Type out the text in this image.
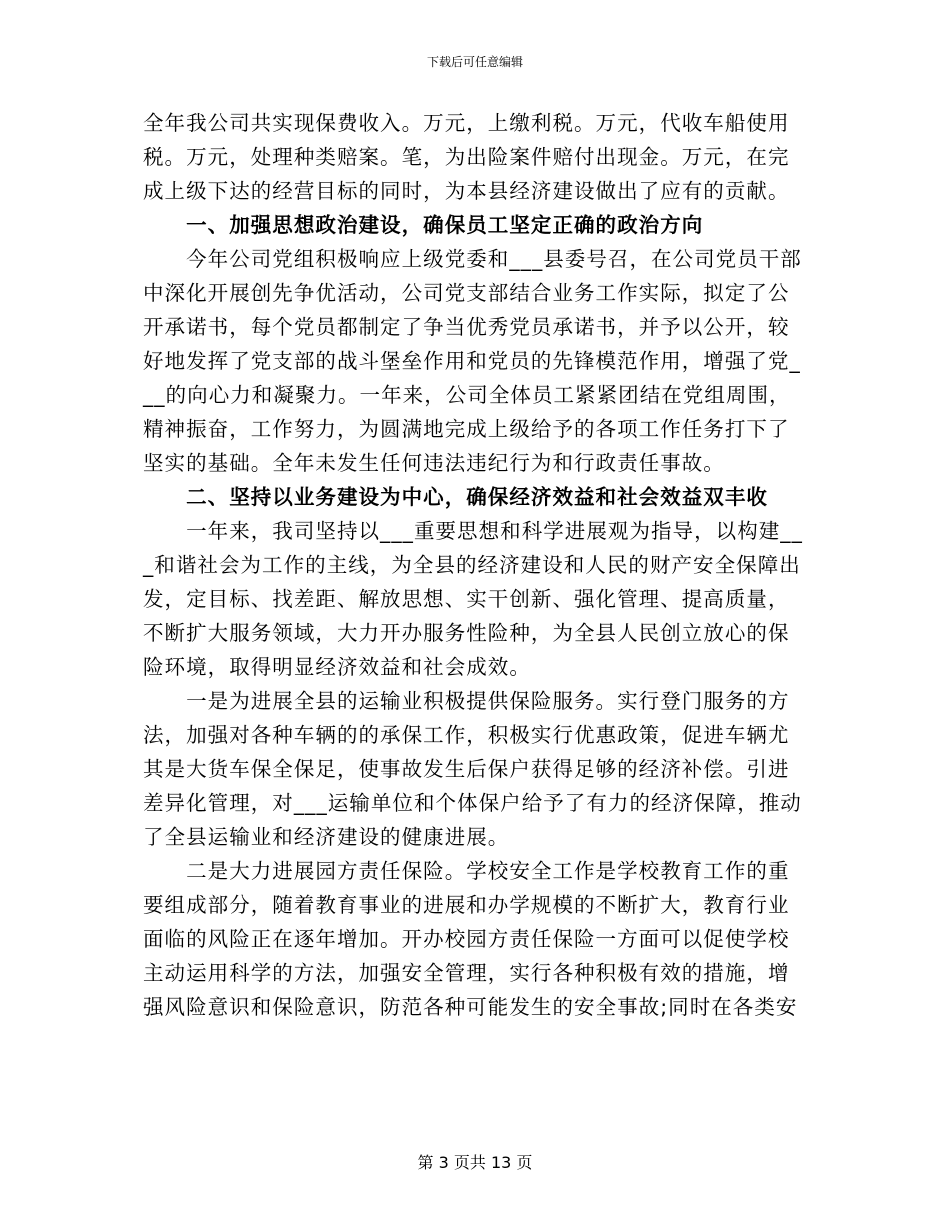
下载后可任意编辑
全年我公司共实现保费收入。万元，上缴利税。万元，代收车船使用
税。万元，处理种类赔案。笔，为出险案件赔付出现金。万元，在完
成上级下达的经营目标的同时，为本县经济建设做出了应有的贡献。
　　一、加强思想政治建设，确保员工坚定正确的政治方向
　　今年公司党组积极响应上级党委和___县委号召，在公司党员干部
中深化开展创先争优活动，公司党支部结合业务工作实际，拟定了公
开承诺书，每个党员都制定了争当优秀党员承诺书，并予以公开，较
好地发挥了党支部的战斗堡垒作用和党员的先锋模范作用，增强了党_
__的向心力和凝聚力。一年来，公司全体员工紧紧团结在党组周围，
精神振奋，工作努力，为圆满地完成上级给予的各项工作任务打下了
坚实的基础。全年未发生任何违法违纪行为和行政责任事故。
　　二、坚持以业务建设为中心，确保经济效益和社会效益双丰收
　　一年来，我司坚持以___重要思想和科学进展观为指导，以构建__
_和谐社会为工作的主线，为全县的经济建设和人民的财产安全保障出
发，定目标、找差距、解放思想、实干创新、强化管理、提高质量，
不断扩大服务领域，大力开办服务性险种，为全县人民创立放心的保
险环境，取得明显经济效益和社会成效。
　　一是为进展全县的运输业积极提供保险服务。实行登门服务的方
法，加强对各种车辆的的承保工作，积极实行优惠政策，促进车辆尤
其是大货车保全保足，使事故发生后保户获得足够的经济补偿。引进
差异化管理，对___运输单位和个体保户给予了有力的经济保障，推动
了全县运输业和经济建设的健康进展。
　　二是大力进展园方责任保险。学校安全工作是学校教育工作的重
要组成部分，随着教育事业的进展和办学规模的不断扩大，教育行业
面临的风险正在逐年增加。开办校园方责任保险一方面可以促使学校
主动运用科学的方法，加强安全管理，实行各种积极有效的措施，增
强风险意识和保险意识，防范各种可能发生的安全事故;同时在各类安
第 3 页共 13 页
